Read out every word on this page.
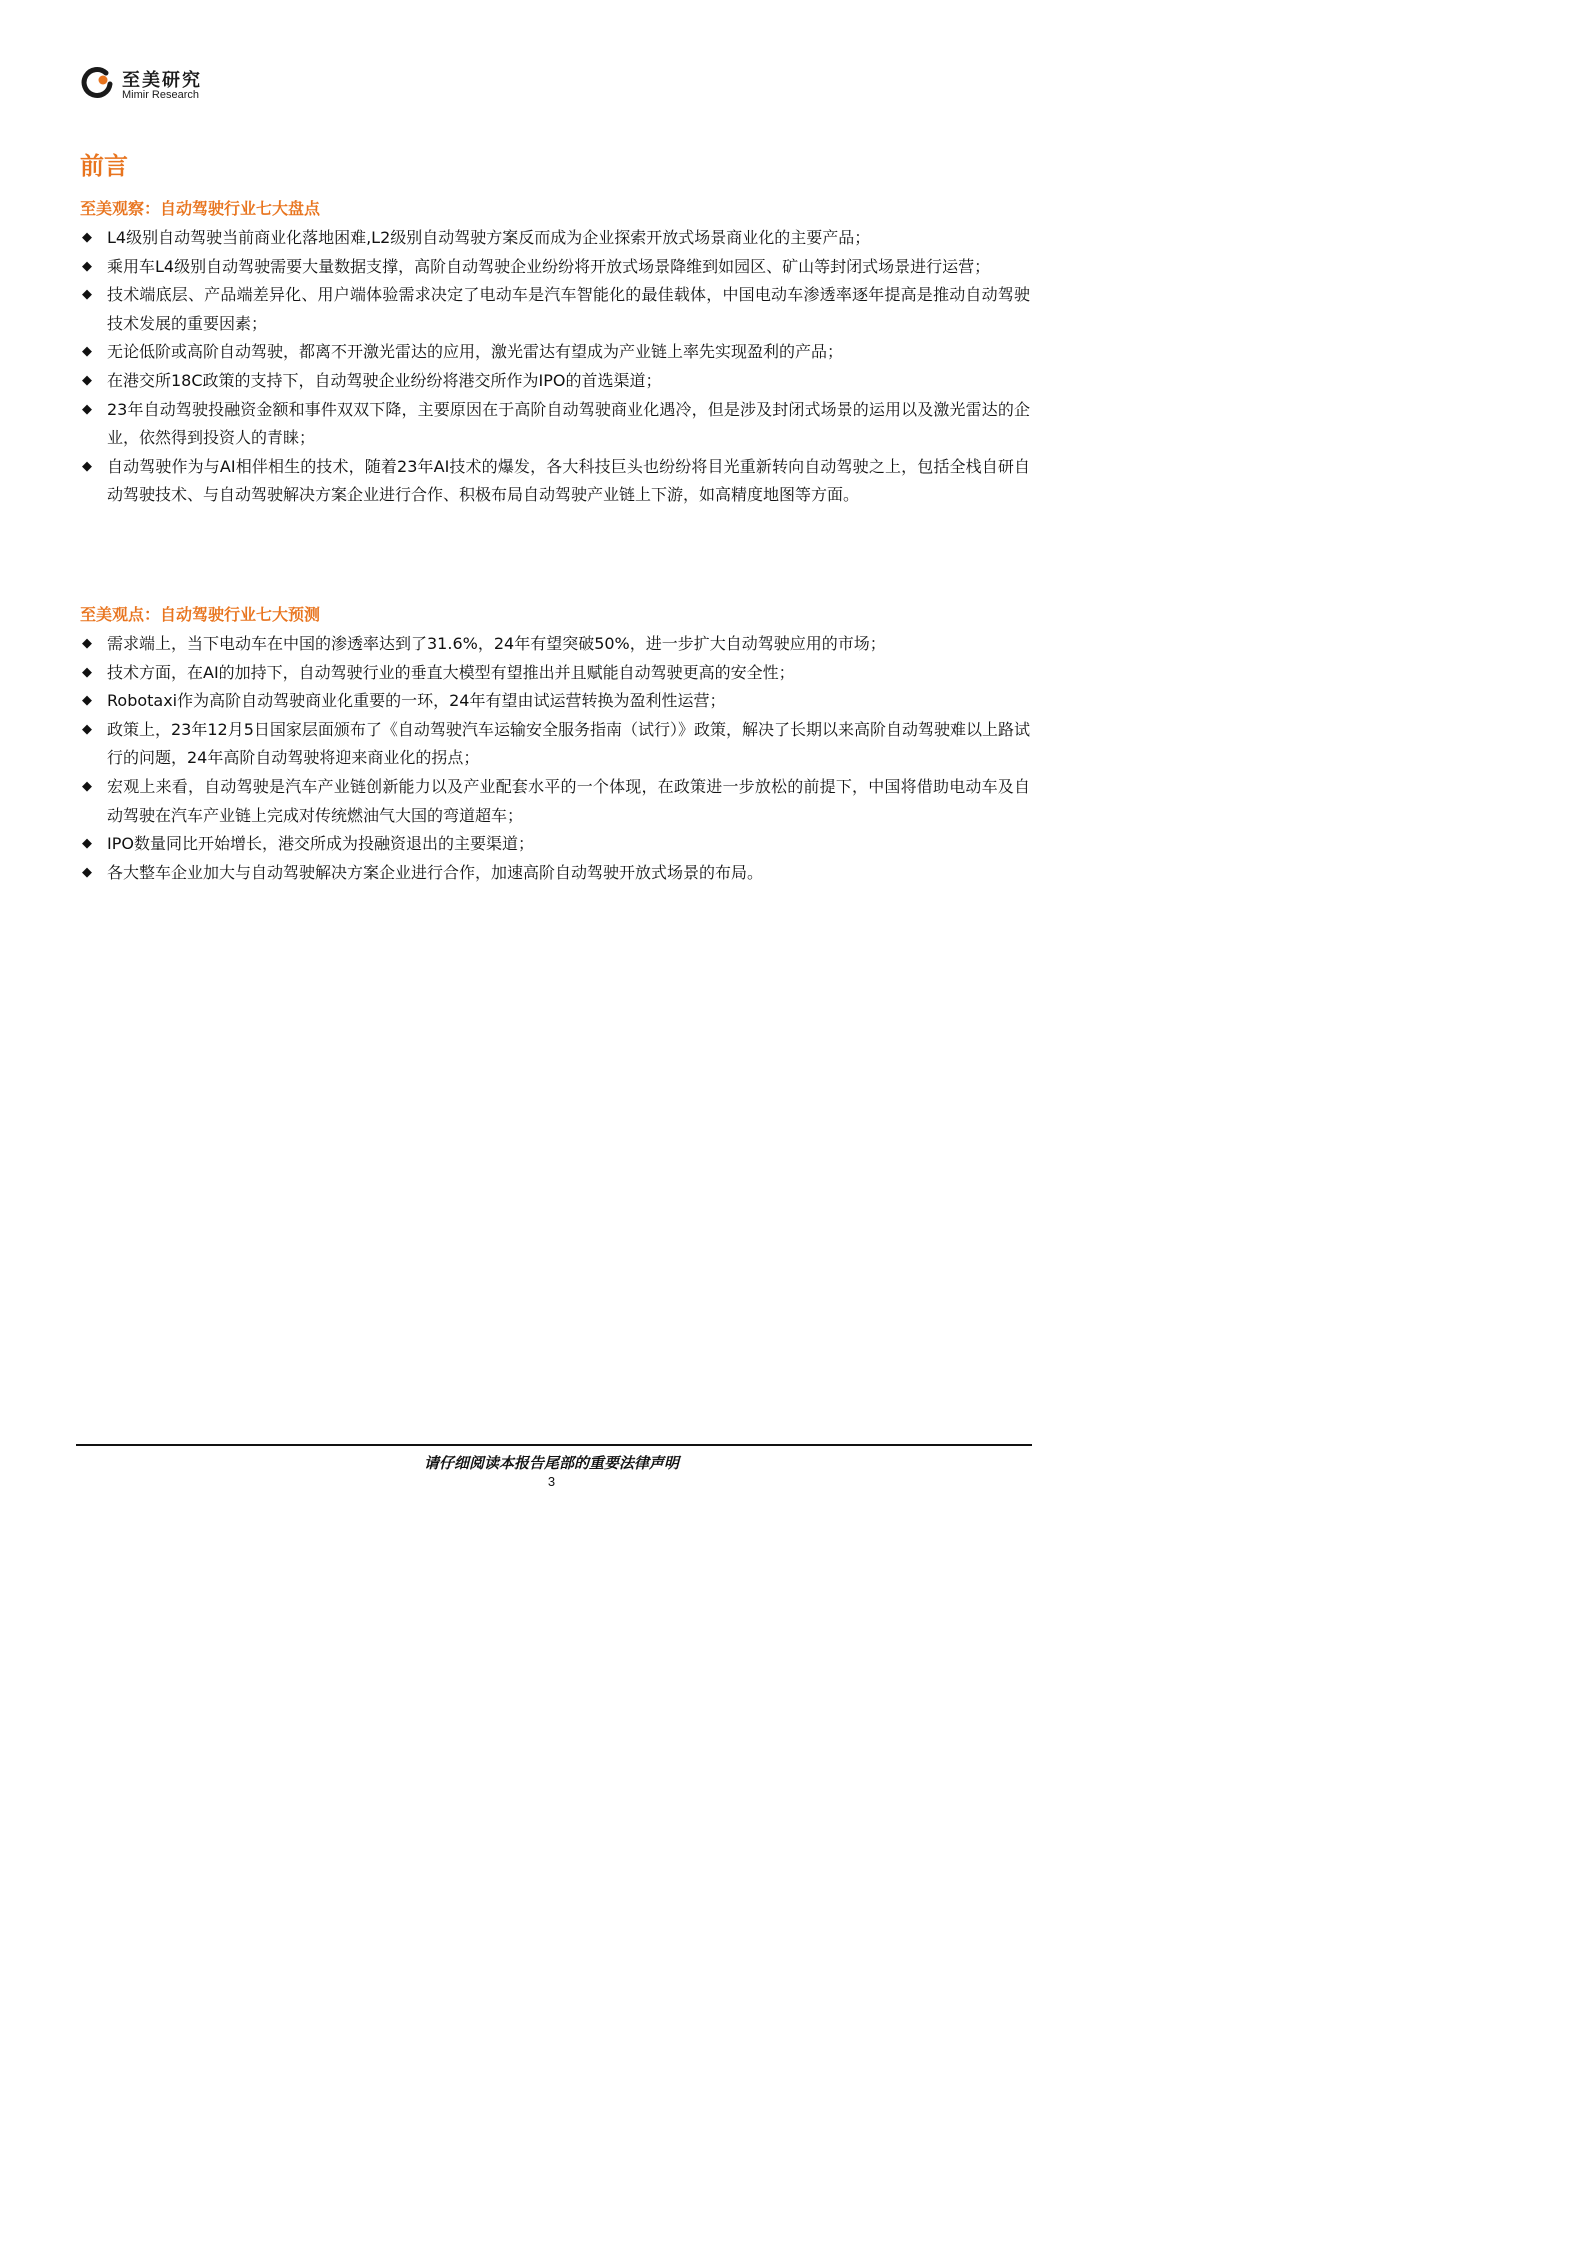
至美研究
Mimir Research
前言
至美观察：自动驾驶行业七大盘点
◆ L4级别自动驾驶当前商业化落地困难,L2级别自动驾驶方案反而成为企业探索开放式场景商业化的主要产品；
◆ 乘用车L4级别自动驾驶需要大量数据支撑，高阶自动驾驶企业纷纷将开放式场景降维到如园区、矿山等封闭式场景进行运营；
◆ 技术端底层、产品端差异化、用户端体验需求决定了电动车是汽车智能化的最佳载体，中国电动车渗透率逐年提高是推动自动驾驶技术发展的重要因素；
◆ 无论低阶或高阶自动驾驶，都离不开激光雷达的应用，激光雷达有望成为产业链上率先实现盈利的产品；
◆ 在港交所18C政策的支持下，自动驾驶企业纷纷将港交所作为IPO的首选渠道；
◆ 23年自动驾驶投融资金额和事件双双下降，主要原因在于高阶自动驾驶商业化遇冷，但是涉及封闭式场景的运用以及激光雷达的企业，依然得到投资人的青睐；
◆ 自动驾驶作为与AI相伴相生的技术，随着23年AI技术的爆发，各大科技巨头也纷纷将目光重新转向自动驾驶之上，包括全栈自研自动驾驶技术、与自动驾驶解决方案企业进行合作、积极布局自动驾驶产业链上下游，如高精度地图等方面。
至美观点：自动驾驶行业七大预测
◆ 需求端上，当下电动车在中国的渗透率达到了31.6%，24年有望突破50%，进一步扩大自动驾驶应用的市场；
◆ 技术方面，在AI的加持下，自动驾驶行业的垂直大模型有望推出并且赋能自动驾驶更高的安全性；
◆ Robotaxi作为高阶自动驾驶商业化重要的一环，24年有望由试运营转换为盈利性运营；
◆ 政策上，23年12月5日国家层面颁布了《自动驾驶汽车运输安全服务指南（试行）》政策，解决了长期以来高阶自动驾驶难以上路试行的问题，24年高阶自动驾驶将迎来商业化的拐点；
◆ 宏观上来看，自动驾驶是汽车产业链创新能力以及产业配套水平的一个体现，在政策进一步放松的前提下，中国将借助电动车及自动驾驶在汽车产业链上完成对传统燃油气大国的弯道超车；
◆ IPO数量同比开始增长，港交所成为投融资退出的主要渠道；
◆ 各大整车企业加大与自动驾驶解决方案企业进行合作，加速高阶自动驾驶开放式场景的布局。
请仔细阅读本报告尾部的重要法律声明
3
